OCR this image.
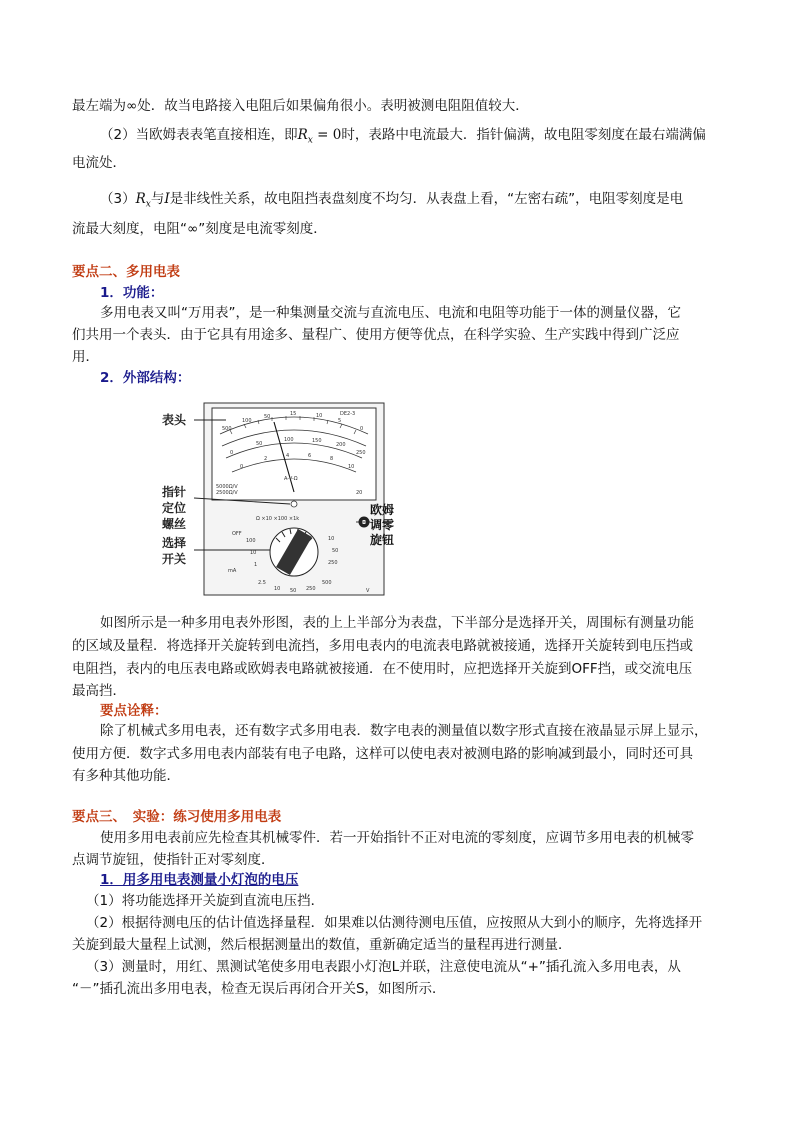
最左端为∞处．故当电路接入电阻后如果偏角很小。表明被测电阻阻值较大．
（2）当欧姆表表笔直接相连，即$R_x = 0$时，表路中电流最大．指针偏满，故电阻零刻度在最右端满偏
电流处．
$(3)R_x$与I是非线性关系，故电阻挡表盘刻度不均匀．从表盘上看，“左密右疏”，电阻零刻度是电
流最大刻度，电阻“∞”刻度是电流零刻度．
要点二、多用电表
1．功能：
多用电表又叫“万用表”，是一种集测量交流与直流电压、电流和电阻等功能于一体的测量仪器，它
们共用一个表头．由于它具有用途多、量程广、使用方便等优点，在科学实验、生产实践中得到广泛应
用．
2．外部结构：
DE2-3
A-V-Ω
5000Ω/V
2500Ω/V	20
500
100
50	15	10
5
0
0
50
100	150
200
250
0
2	4	6	8
10
Ω ×10 ×100 ×1k
OFF
mA
V
10
50
250
100
10
1
2.5
10 50 250
500
表头
指针
定位
螺丝
选择
开关
欧姆
调零
旋钮
如图所示是一种多用电表外形图，表的上上半部分为表盘，下半部分是选择开关，周围标有测量功能
的区域及量程．将选择开关旋转到电流挡，多用电表内的电流表电路就被接通，选择开关旋转到电压挡或
电阻挡，表内的电压表电路或欧姆表电路就被接通．在不使用时，应把选择开关旋到OFF挡，或交流电压
最高挡．
要点诠释：
除了机械式多用电表，还有数字式多用电表．数字电表的测量值以数字形式直接在液晶显示屏上显示，
使用方便．数字式多用电表内部装有电子电路，这样可以使电表对被测电路的影响减到最小，同时还可具
有多种其他功能．
要点三、　实验：练习使用多用电表
使用多用电表前应先检查其机械零件．若一开始指针不正对电流的零刻度，应调节多用电表的机械零
点调节旋钮，使指针正对零刻度．
1．用多用电表测量小灯泡的电压
（1）将功能选择开关旋到直流电压挡．
（2）根据待测电压的估计值选择量程．如果难以估测待测电压值，应按照从大到小的顺序，先将选择开
关旋到最大量程上试测，然后根据测量出的数值，重新确定适当的量程再进行测量．
（3）测量时，用红、黑测试笔使多用电表跟小灯泡L并联，注意使电流从“+”插孔流入多用电表，从
“－”插孔流出多用电表，检查无误后再闭合开关S，如图所示．
